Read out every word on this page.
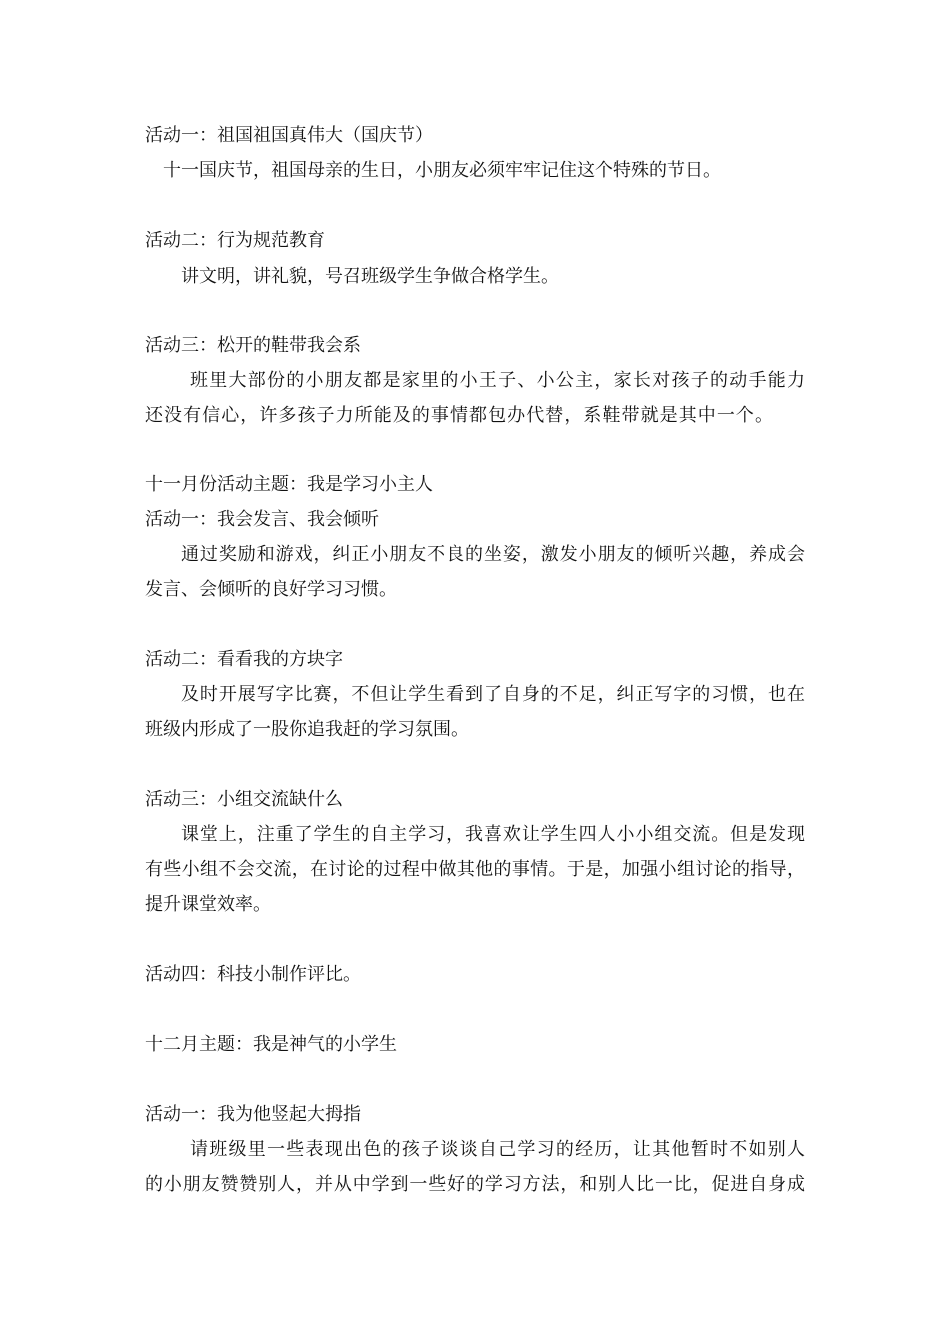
活动一：祖国祖国真伟大（国庆节）
十一国庆节，祖国母亲的生日，小朋友必须牢牢记住这个特殊的节日。
活动二：行为规范教育
讲文明，讲礼貌，号召班级学生争做合格学生。
活动三：松开的鞋带我会系
班里大部份的小朋友都是家里的小王子、小公主，家长对孩子的动手能力
还没有信心，许多孩子力所能及的事情都包办代替，系鞋带就是其中一个。
十一月份活动主题：我是学习小主人
活动一：我会发言、我会倾听
通过奖励和游戏，纠正小朋友不良的坐姿，激发小朋友的倾听兴趣，养成会
发言、会倾听的良好学习习惯。
活动二：看看我的方块字
及时开展写字比赛，不但让学生看到了自身的不足，纠正写字的习惯，也在
班级内形成了一股你追我赶的学习氛围。
活动三：小组交流缺什么
课堂上，注重了学生的自主学习，我喜欢让学生四人小小组交流。但是发现
有些小组不会交流，在讨论的过程中做其他的事情。于是，加强小组讨论的指导，
提升课堂效率。
活动四：科技小制作评比。
十二月主题：我是神气的小学生
活动一：我为他竖起大拇指
请班级里一些表现出色的孩子谈谈自己学习的经历，让其他暂时不如别人
的小朋友赞赞别人，并从中学到一些好的学习方法，和别人比一比，促进自身成
